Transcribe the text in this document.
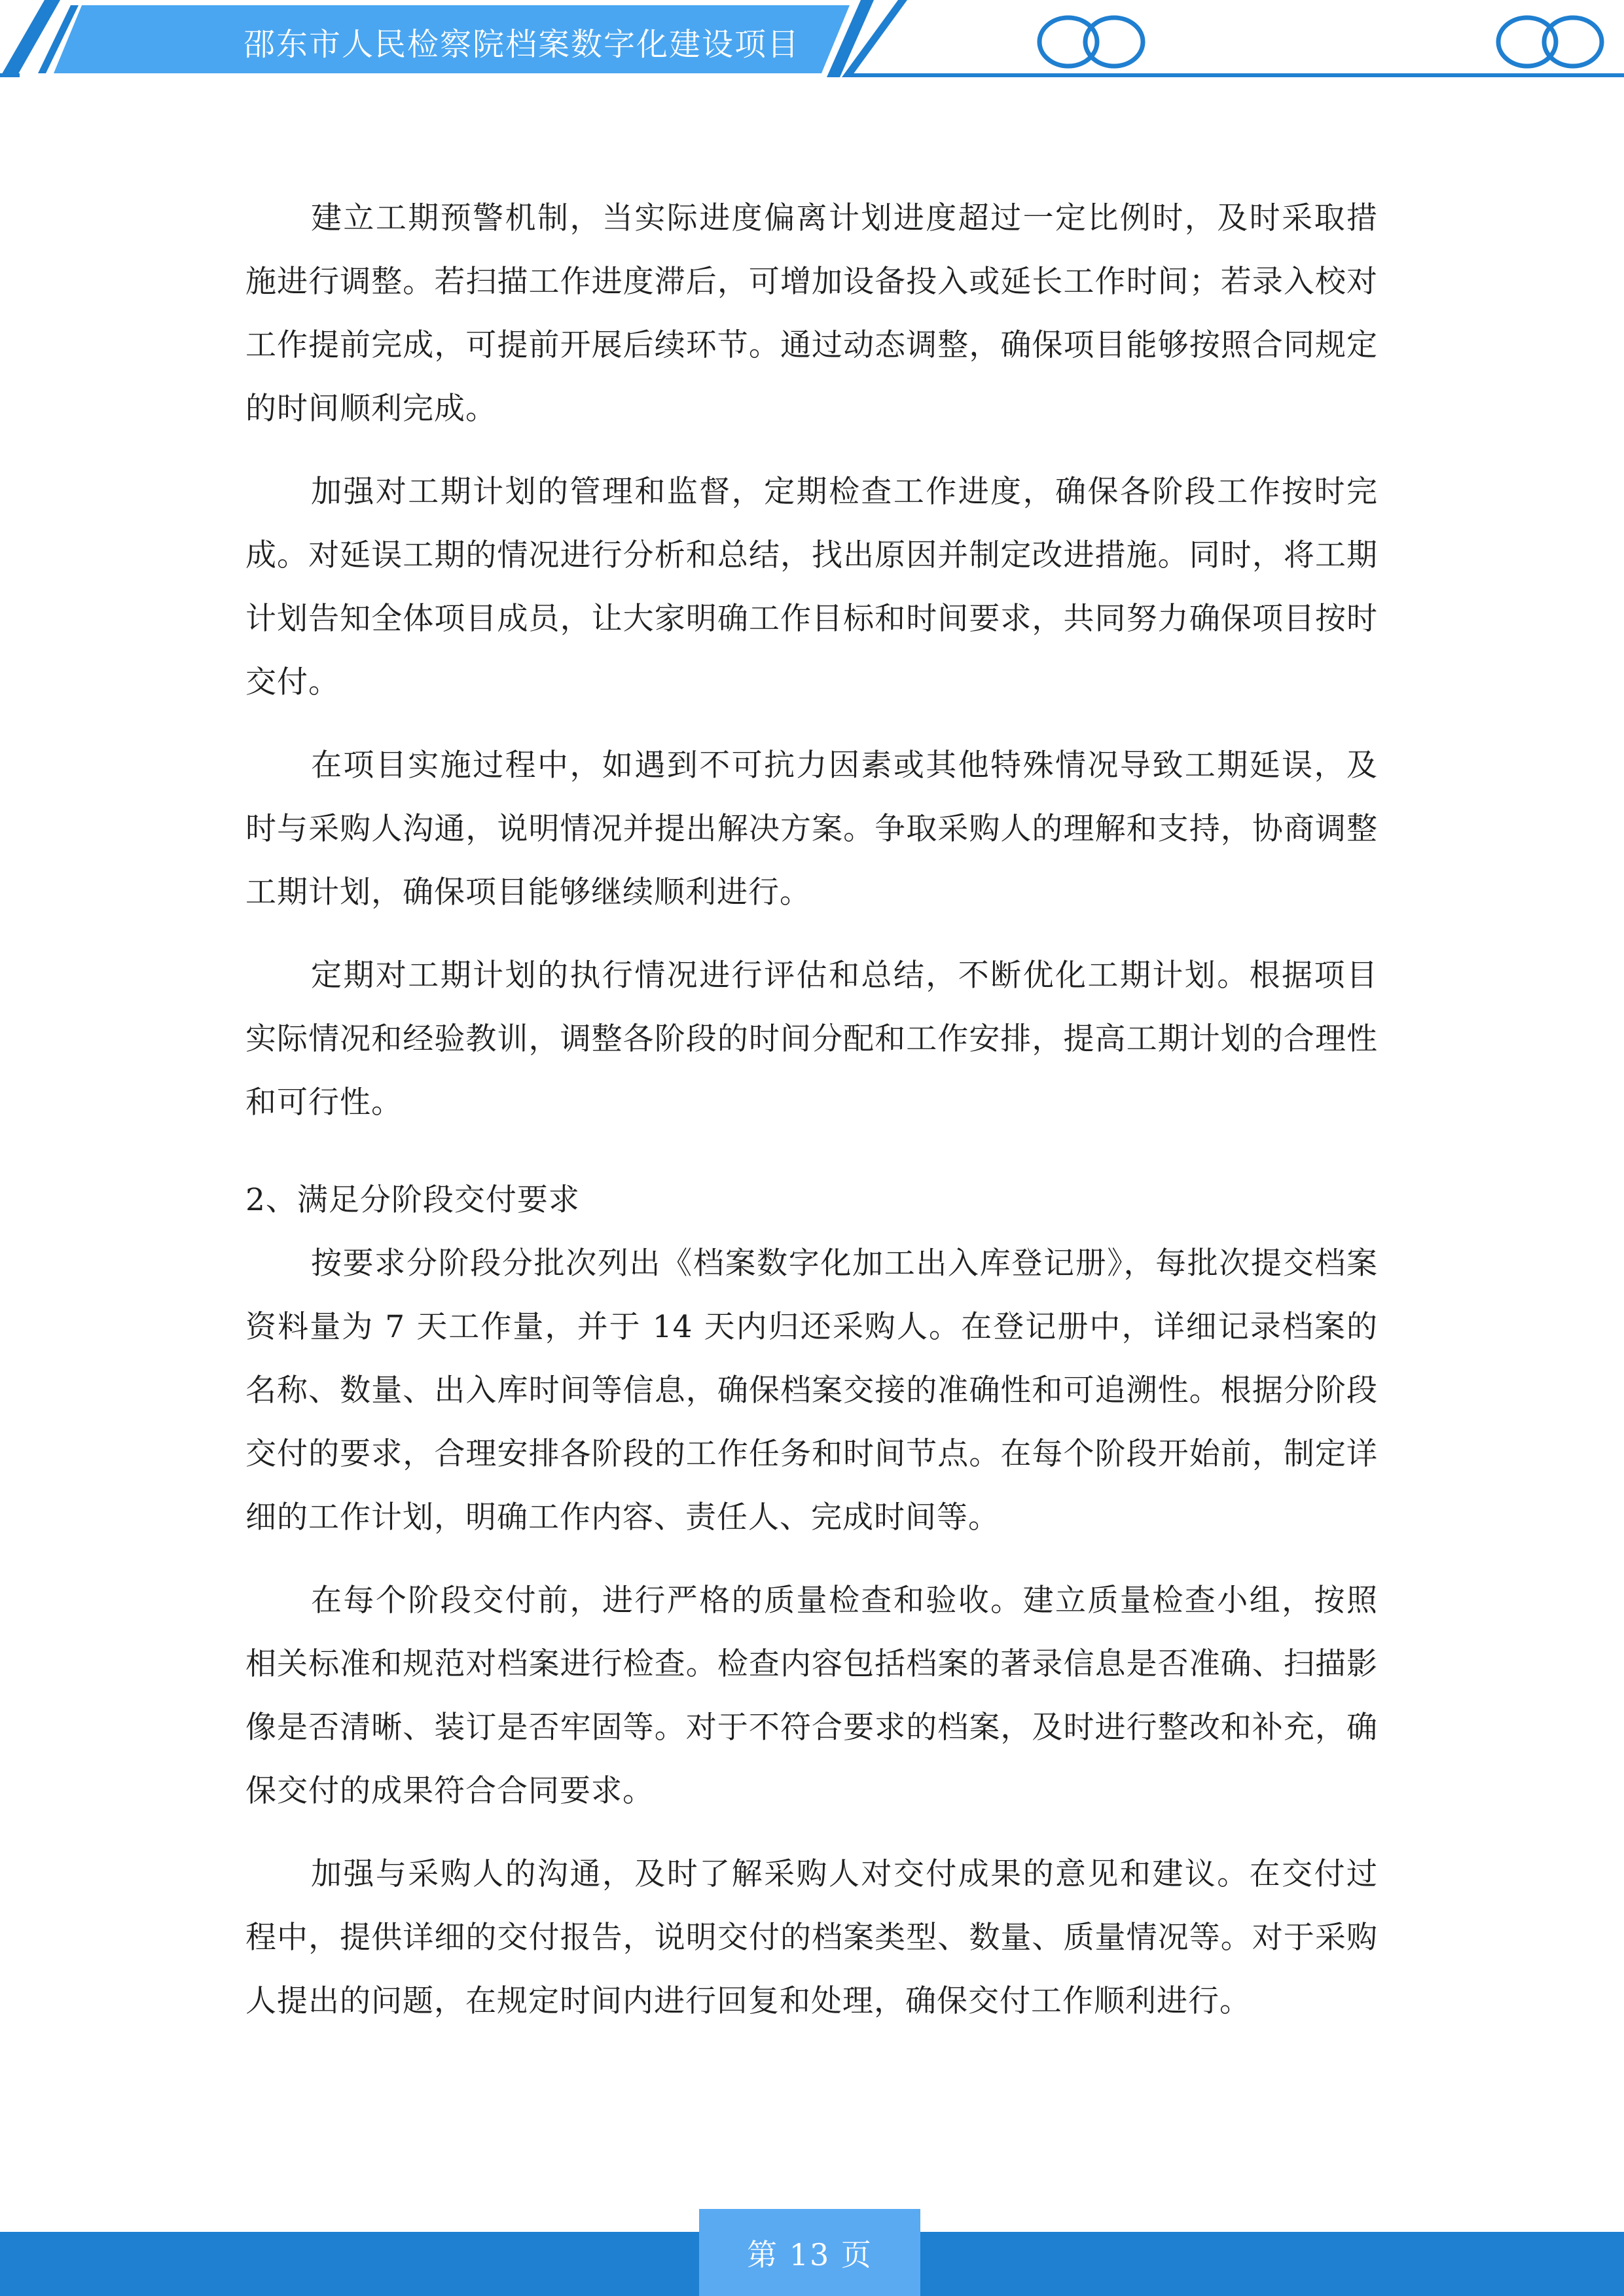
邵东市人民检察院档案数字化建设项目

建立工期预警机制，当实际进度偏离计划进度超过一定比例时，及时采取措施进行调整。若扫描工作进度滞后，可增加设备投入或延长工作时间；若录入校对工作提前完成，可提前开展后续环节。通过动态调整，确保项目能够按照合同规定的时间顺利完成。

加强对工期计划的管理和监督，定期检查工作进度，确保各阶段工作按时完成。对延误工期的情况进行分析和总结，找出原因并制定改进措施。同时，将工期计划告知全体项目成员，让大家明确工作目标和时间要求，共同努力确保项目按时交付。

在项目实施过程中，如遇到不可抗力因素或其他特殊情况导致工期延误，及时与采购人沟通，说明情况并提出解决方案。争取采购人的理解和支持，协商调整工期计划，确保项目能够继续顺利进行。

定期对工期计划的执行情况进行评估和总结，不断优化工期计划。根据项目实际情况和经验教训，调整各阶段的时间分配和工作安排，提高工期计划的合理性和可行性。

2、满足分阶段交付要求

按要求分阶段分批次列出《档案数字化加工出入库登记册》，每批次提交档案资料量为 7 天工作量，并于 14 天内归还采购人。在登记册中，详细记录档案的名称、数量、出入库时间等信息，确保档案交接的准确性和可追溯性。根据分阶段交付的要求，合理安排各阶段的工作任务和时间节点。在每个阶段开始前，制定详细的工作计划，明确工作内容、责任人、完成时间等。

在每个阶段交付前，进行严格的质量检查和验收。建立质量检查小组，按照相关标准和规范对档案进行检查。检查内容包括档案的著录信息是否准确、扫描影像是否清晰、装订是否牢固等。对于不符合要求的档案，及时进行整改和补充，确保交付的成果符合合同要求。

加强与采购人的沟通，及时了解采购人对交付成果的意见和建议。在交付过程中，提供详细的交付报告，说明交付的档案类型、数量、质量情况等。对于采购人提出的问题，在规定时间内进行回复和处理，确保交付工作顺利进行。

第 13 页
